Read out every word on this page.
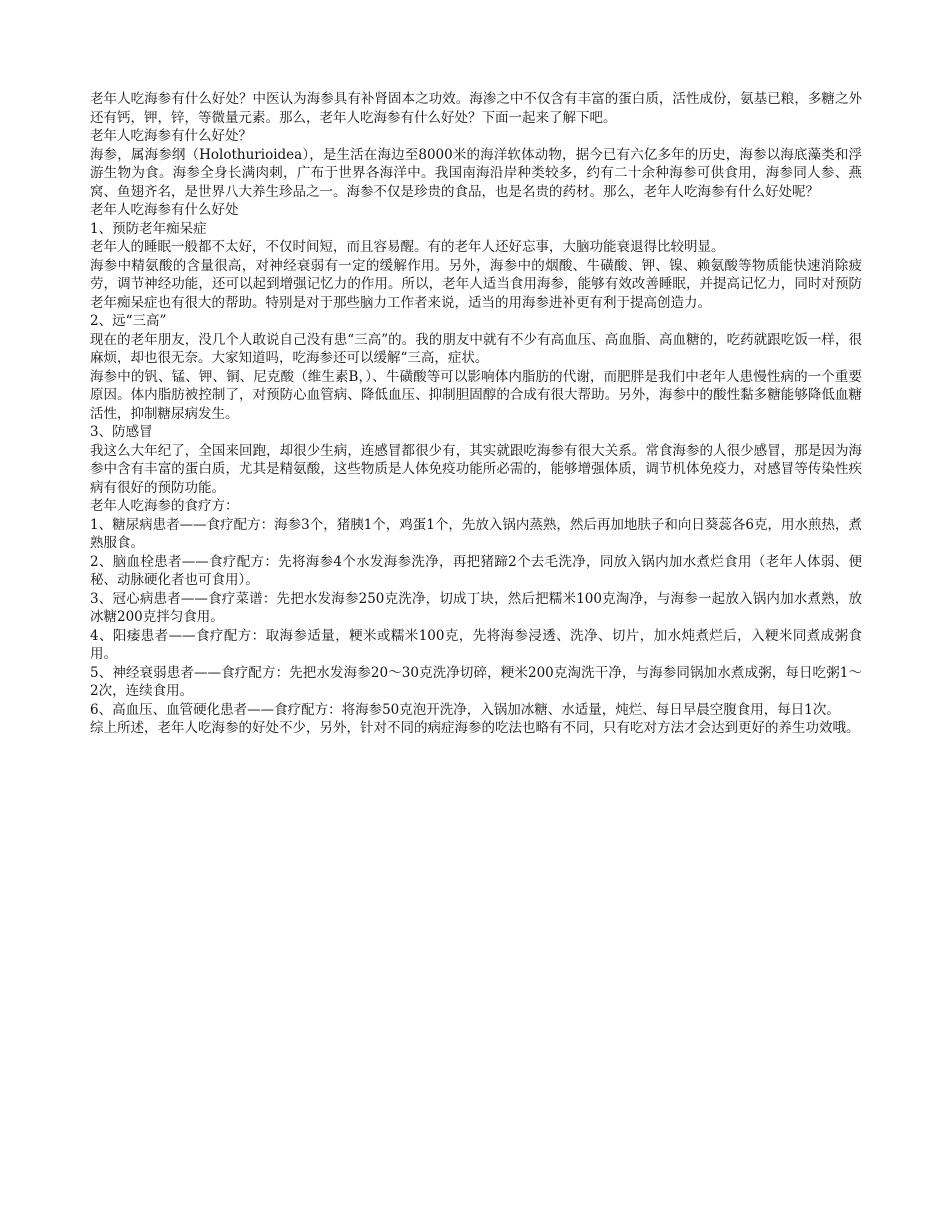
老年人吃海参有什么好处？中医认为海参具有补肾固本之功效。海渗之中不仅含有丰富的蛋白质，活性成份，氨基已粮，多糖之外还有钙，钾，锌，等微量元素。那么，老年人吃海参有什么好处？下面一起来了解下吧。

老年人吃海参有什么好处？

海参，属海参纲（Holothurioidea），是生活在海边至8000米的海洋软体动物，据今已有六亿多年的历史，海参以海底藻类和浮游生物为食。海参全身长满肉刺，广布于世界各海洋中。我国南海沿岸种类较多，约有二十余种海参可供食用，海参同人参、燕窝、鱼翅齐名，是世界八大养生珍品之一。海参不仅是珍贵的食品，也是名贵的药材。那么，老年人吃海参有什么好处呢？

老年人吃海参有什么好处

1、预防老年痴呆症

老年人的睡眠一般都不太好，不仅时间短，而且容易醒。有的老年人还好忘事，大脑功能衰退得比较明显。

海参中精氨酸的含量很高，对神经衰弱有一定的缓解作用。另外，海参中的烟酸、牛磺酸、钾、镍、赖氨酸等物质能快速消除疲劳，调节神经功能，还可以起到增强记忆力的作用。所以，老年人适当食用海参，能够有效改善睡眠，并提高记忆力，同时对预防老年痴呆症也有很大的帮助。特别是对于那些脑力工作者来说，适当的用海参进补更有利于提高创造力。

2、远“三高”

现在的老年朋友，没几个人敢说自己没有患“三高”的。我的朋友中就有不少有高血压、高血脂、高血糖的，吃药就跟吃饭一样，很麻烦，却也很无奈。大家知道吗，吃海参还可以缓解“三高，症状。

海参中的钒、锰、钾、铜、尼克酸（维生素B，）、牛磺酸等可以影响体内脂肪的代谢，而肥胖是我们中老年人患慢性病的一个重要原因。体内脂肪被控制了，对预防心血管病、降低血压、抑制胆固醇的合成有很大帮助。另外，海参中的酸性黏多糖能够降低血糖活性，抑制糖尿病发生。

3、防感冒

我这么大年纪了，全国来回跑，却很少生病，连感冒都很少有，其实就跟吃海参有很大关系。常食海参的人很少感冒，那是因为海参中含有丰富的蛋白质，尤其是精氨酸，这些物质是人体免疫功能所必需的，能够增强体质，调节机体免疫力，对感冒等传染性疾病有很好的预防功能。

老年人吃海参的食疗方：

1、糖尿病患者——食疗配方：海参3个，猪胰1个，鸡蛋1个，先放入锅内蒸熟，然后再加地肤子和向日葵蕊各6克，用水煎热，煮熟服食。

2、脑血栓患者——食疗配方：先将海参4个水发海参洗净，再把猪蹄2个去毛洗净，同放入锅内加水煮烂食用（老年人体弱、便秘、动脉硬化者也可食用）。

3、冠心病患者——食疗菜谱：先把水发海参250克洗净，切成丁块，然后把糯米100克淘净，与海参一起放入锅内加水煮熟，放冰糖200克拌匀食用。

4、阳痿患者——食疗配方：取海参适量，粳米或糯米100克，先将海参浸透、洗净、切片，加水炖煮烂后，入粳米同煮成粥食用。

5、神经衰弱患者——食疗配方：先把水发海参20～30克洗净切碎，粳米200克淘洗干净，与海参同锅加水煮成粥，每日吃粥1～2次，连续食用。

6、高血压、血管硬化患者——食疗配方：将海参50克泡开洗净，入锅加冰糖、水适量，炖烂、每日早晨空腹食用，每日1次。

综上所述，老年人吃海参的好处不少，另外，针对不同的病症海参的吃法也略有不同，只有吃对方法才会达到更好的养生功效哦。
